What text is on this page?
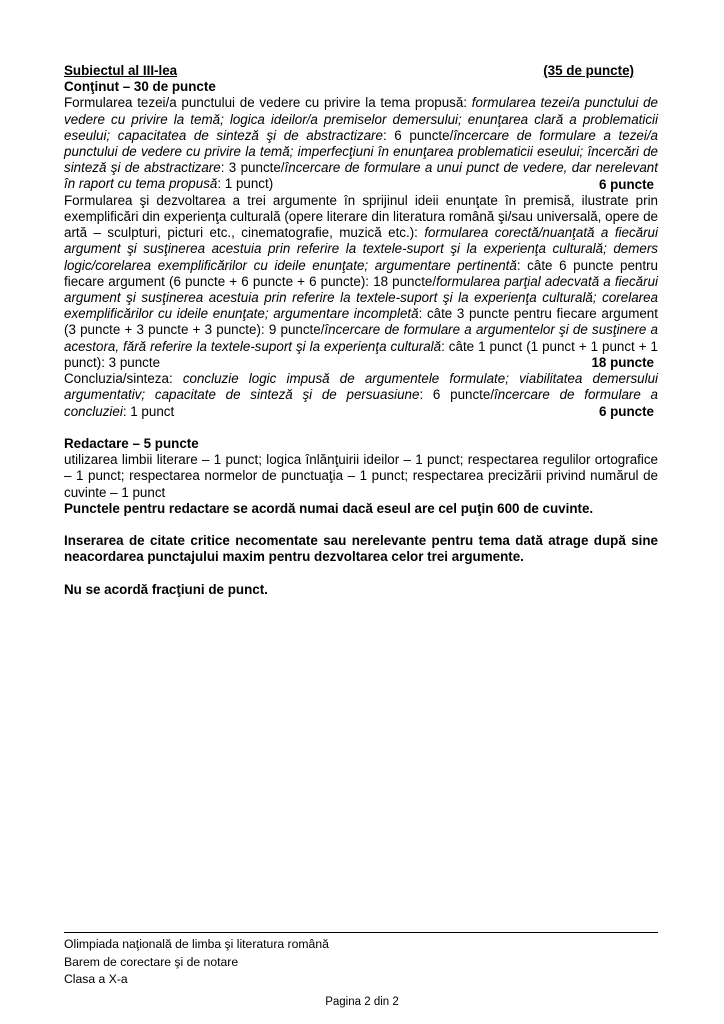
Subiectul al III-lea	(35 de puncte)
Conţinut – 30 de puncte

Formularea tezei/a punctului de vedere cu privire la tema propusă: formularea tezei/a punctului de vedere cu privire la temă; logica ideilor/a premiselor demersului; enunţarea clară a problematicii eseului; capacitatea de sinteză şi de abstractizare: 6 puncte/încercare de formulare a tezei/a punctului de vedere cu privire la temă; imperfecţiuni în enunţarea problematicii eseului; încercări de sinteză şi de abstractizare: 3 puncte/încercare de formulare a unui punct de vedere, dar nerelevant în raport cu tema propusă: 1 punct)	6 puncte

Formularea şi dezvoltarea a trei argumente în sprijinul ideii enunţate în premisă, ilustrate prin exemplificări din experienţa culturală (opere literare din literatura română şi/sau universală, opere de artă – sculpturi, picturi etc., cinematografie, muzică etc.): formularea corectă/nuanţată a fiecărui argument şi susţinerea acestuia prin referire la textele-suport şi la experienţa culturală; demers logic/corelarea exemplificărilor cu ideile enunţate; argumentare pertinentă: câte 6 puncte pentru fiecare argument (6 puncte + 6 puncte + 6 puncte): 18 puncte/formularea parţial adecvată a fiecărui argument şi susţinerea acestuia prin referire la textele-suport şi la experienţa culturală; corelarea exemplificărilor cu ideile enunţate; argumentare incompletă: câte 3 puncte pentru fiecare argument (3 puncte + 3 puncte + 3 puncte): 9 puncte/încercare de formulare a argumentelor şi de susţinere a acestora, fără referire la textele-suport şi la experienţa culturală: câte 1 punct (1 punct + 1 punct + 1 punct): 3 puncte	18 puncte

Concluzia/sinteza: concluzie logic impusă de argumentele formulate; viabilitatea demersului argumentativ; capacitate de sinteză şi de persuasiune: 6 puncte/încercare de formulare a concluziei: 1 punct	6 puncte
Redactare – 5 puncte

utilizarea limbii literare – 1 punct; logica înlănţuirii ideilor – 1 punct; respectarea regulilor ortografice – 1 punct; respectarea normelor de punctuaţia – 1 punct; respectarea precizării privind numărul de cuvinte – 1 punct

Punctele pentru redactare se acordă numai dacă eseul are cel puţin 600 de cuvinte.

Inserarea de citate critice necomentate sau nerelevante pentru tema dată atrage după sine neacordarea punctajului maxim pentru dezvoltarea celor trei argumente.

Nu se acordă fracţiuni de punct.

Olimpiada naţională de limba şi literatura română
Barem de corectare şi de notare
Clasa a X-a
Pagina 2 din 2
